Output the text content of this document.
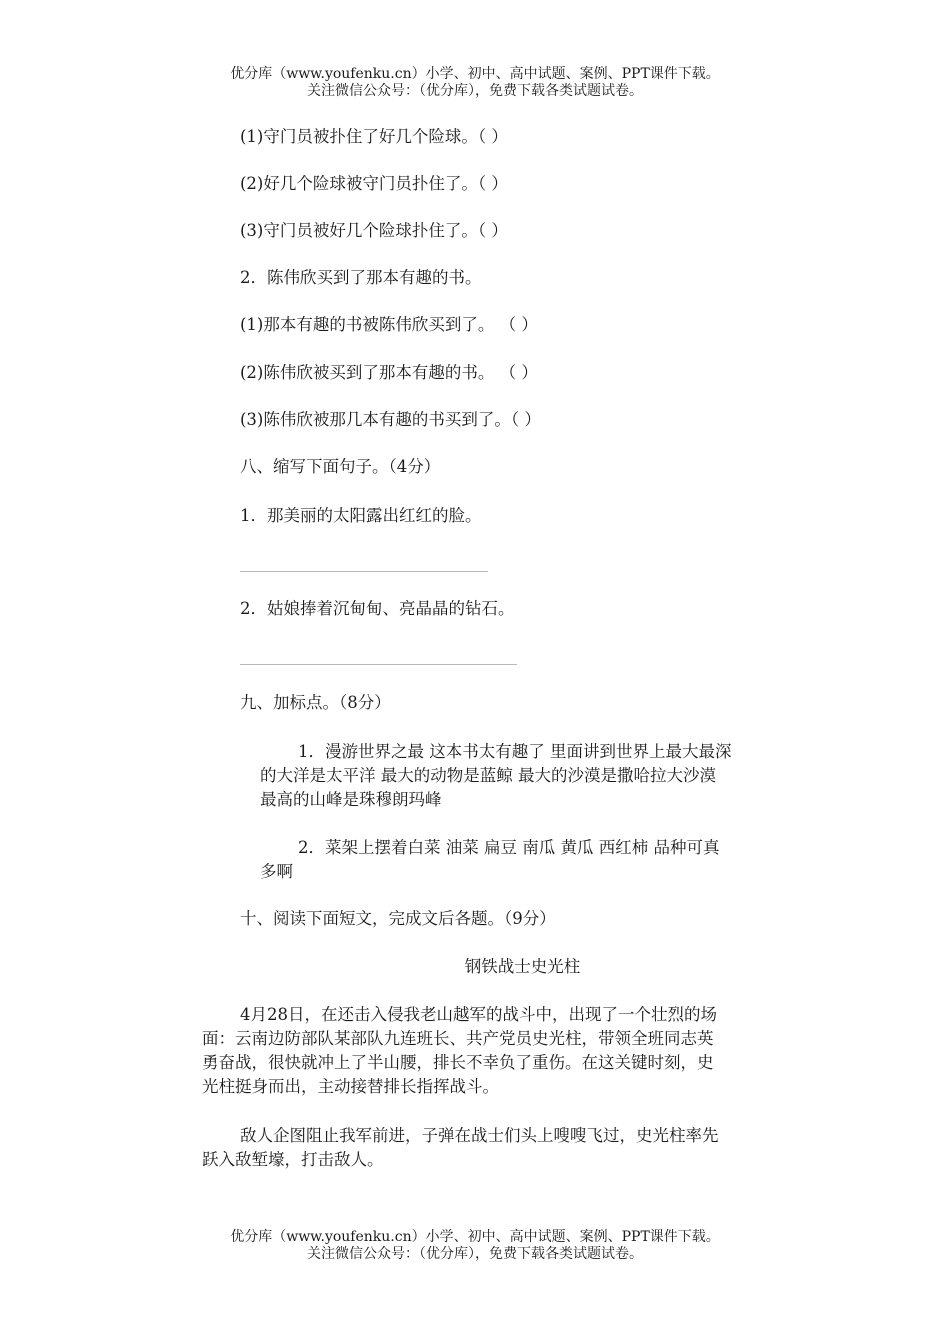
优分库（www.youfenku.cn）小学、初中、高中试题、案例、PPT课件下载。
关注微信公众号：（优分库），免费下载各类试题试卷。
(1)守门员被扑住了好几个险球。（ ）
(2)好几个险球被守门员扑住了。（ ）
(3)守门员被好几个险球扑住了。（ ）
2．陈伟欣买到了那本有趣的书。
(1)那本有趣的书被陈伟欣买到了。 （ ）
(2)陈伟欣被买到了那本有趣的书。 （ ）
(3)陈伟欣被那几本有趣的书买到了。（ ）
八、缩写下面句子。（4分）
1．那美丽的太阳露出红红的脸。
2．姑娘捧着沉甸甸、亮晶晶的钻石。
九、加标点。（8分）
1．漫游世界之最 这本书太有趣了 里面讲到世界上最大最深
的大洋是太平洋 最大的动物是蓝鲸 最大的沙漠是撒哈拉大沙漠
最高的山峰是珠穆朗玛峰
2．菜架上摆着白菜 油菜 扁豆 南瓜 黄瓜 西红柿 品种可真
多啊
十、阅读下面短文，完成文后各题。（9分）
钢铁战士史光柱
4月28日，在还击入侵我老山越军的战斗中，出现了一个壮烈的场
面：云南边防部队某部队九连班长、共产党员史光柱，带领全班同志英
勇奋战，很快就冲上了半山腰，排长不幸负了重伤。在这关键时刻，史
光柱挺身而出，主动接替排长指挥战斗。
敌人企图阻止我军前进，子弹在战士们头上嗖嗖飞过，史光柱率先
跃入敌堑壕，打击敌人。
优分库（www.youfenku.cn）小学、初中、高中试题、案例、PPT课件下载。
关注微信公众号：（优分库），免费下载各类试题试卷。
